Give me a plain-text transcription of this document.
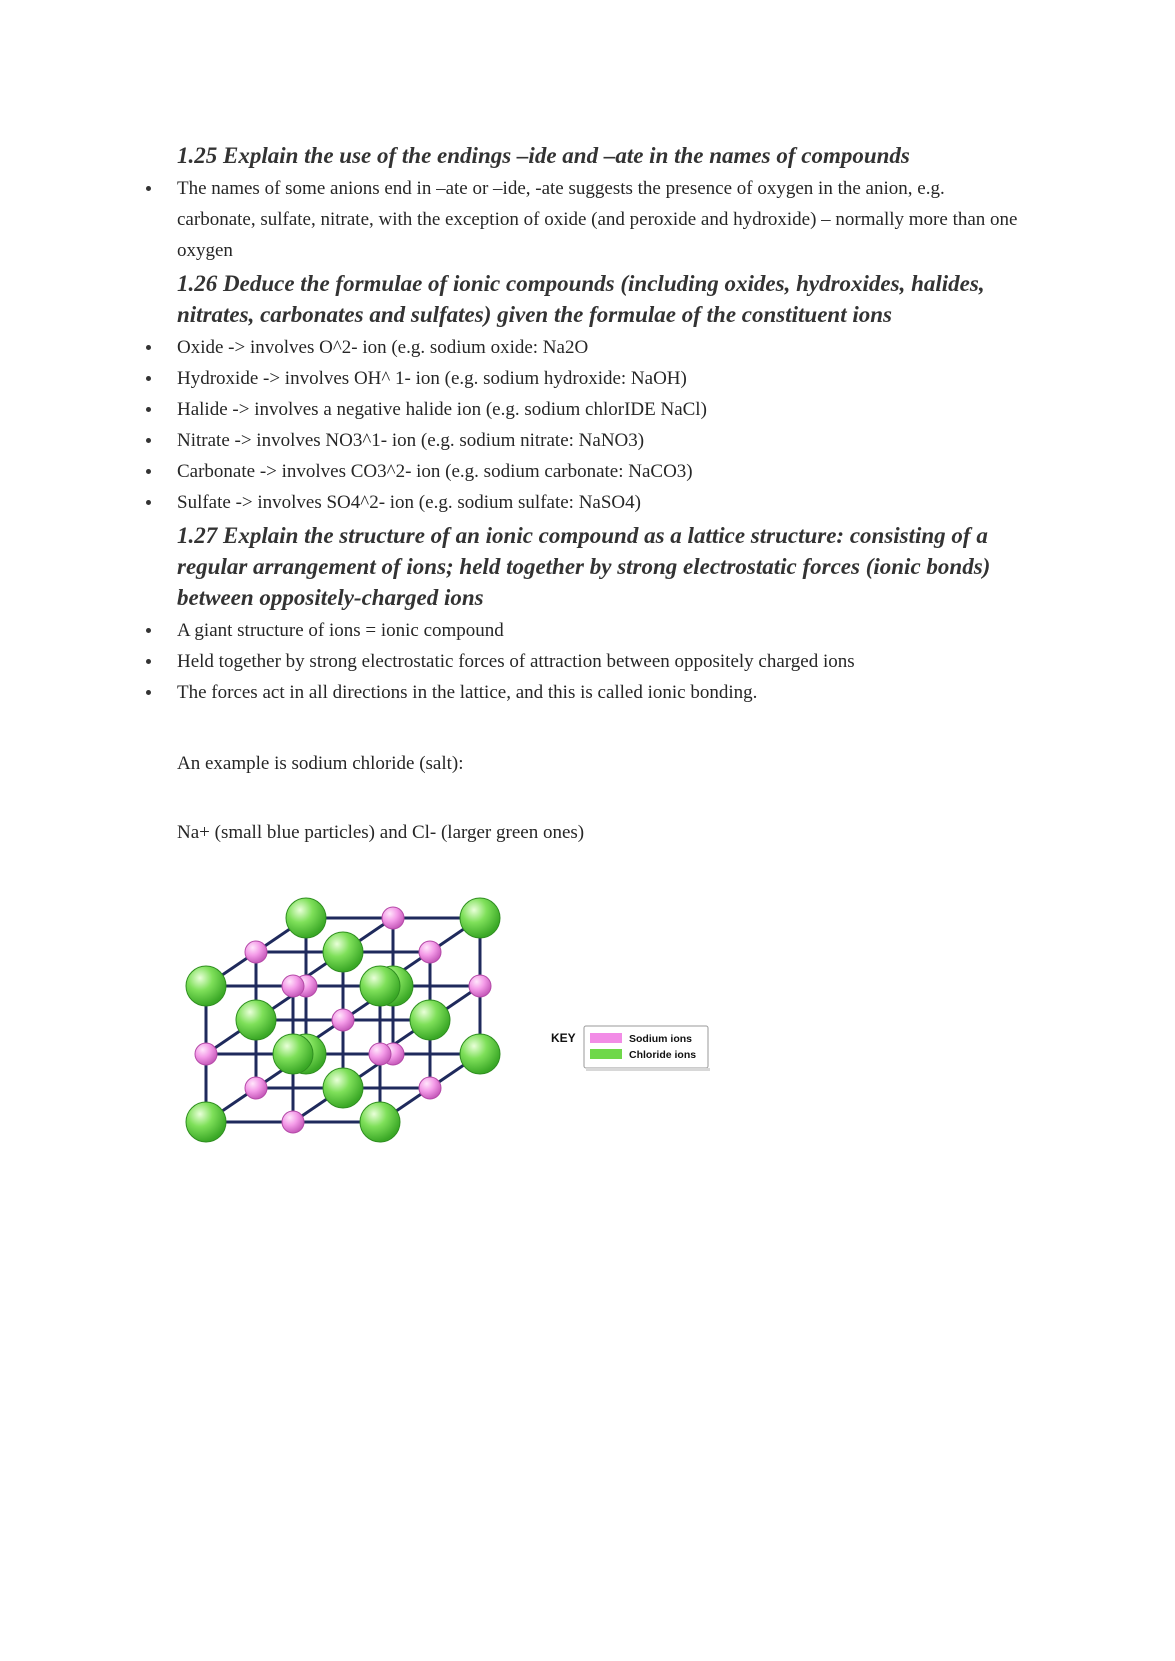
1.25 Explain the use of the endings –ide and –ate in the names of compounds
The names of some anions end in –ate or –ide, -ate suggests the presence of oxygen in the anion, e.g. carbonate, sulfate, nitrate, with the exception of oxide (and peroxide and hydroxide) – normally more than one oxygen
1.26 Deduce the formulae of ionic compounds (including oxides, hydroxides, halides, nitrates, carbonates and sulfates) given the formulae of the constituent ions
Oxide -> involves O^2- ion (e.g. sodium oxide: Na2O
Hydroxide -> involves OH^ 1- ion (e.g. sodium hydroxide: NaOH)
Halide -> involves a negative halide ion (e.g. sodium chlorIDE NaCl)
Nitrate -> involves NO3^1- ion (e.g. sodium nitrate: NaNO3)
Carbonate -> involves CO3^2- ion (e.g. sodium carbonate: NaCO3)
Sulfate -> involves SO4^2- ion (e.g. sodium sulfate: NaSO4)
1.27 Explain the structure of an ionic compound as a lattice structure: consisting of a regular arrangement of ions; held together by strong electrostatic forces (ionic bonds) between oppositely-charged ions
A giant structure of ions = ionic compound
Held together by strong electrostatic forces of attraction between oppositely charged ions
The forces act in all directions in the lattice, and this is called ionic bonding.

An example is sodium chloride (salt):

Na+ (small blue particles) and Cl- (larger green ones)

KEY	Sodium ions
Chloride ions
